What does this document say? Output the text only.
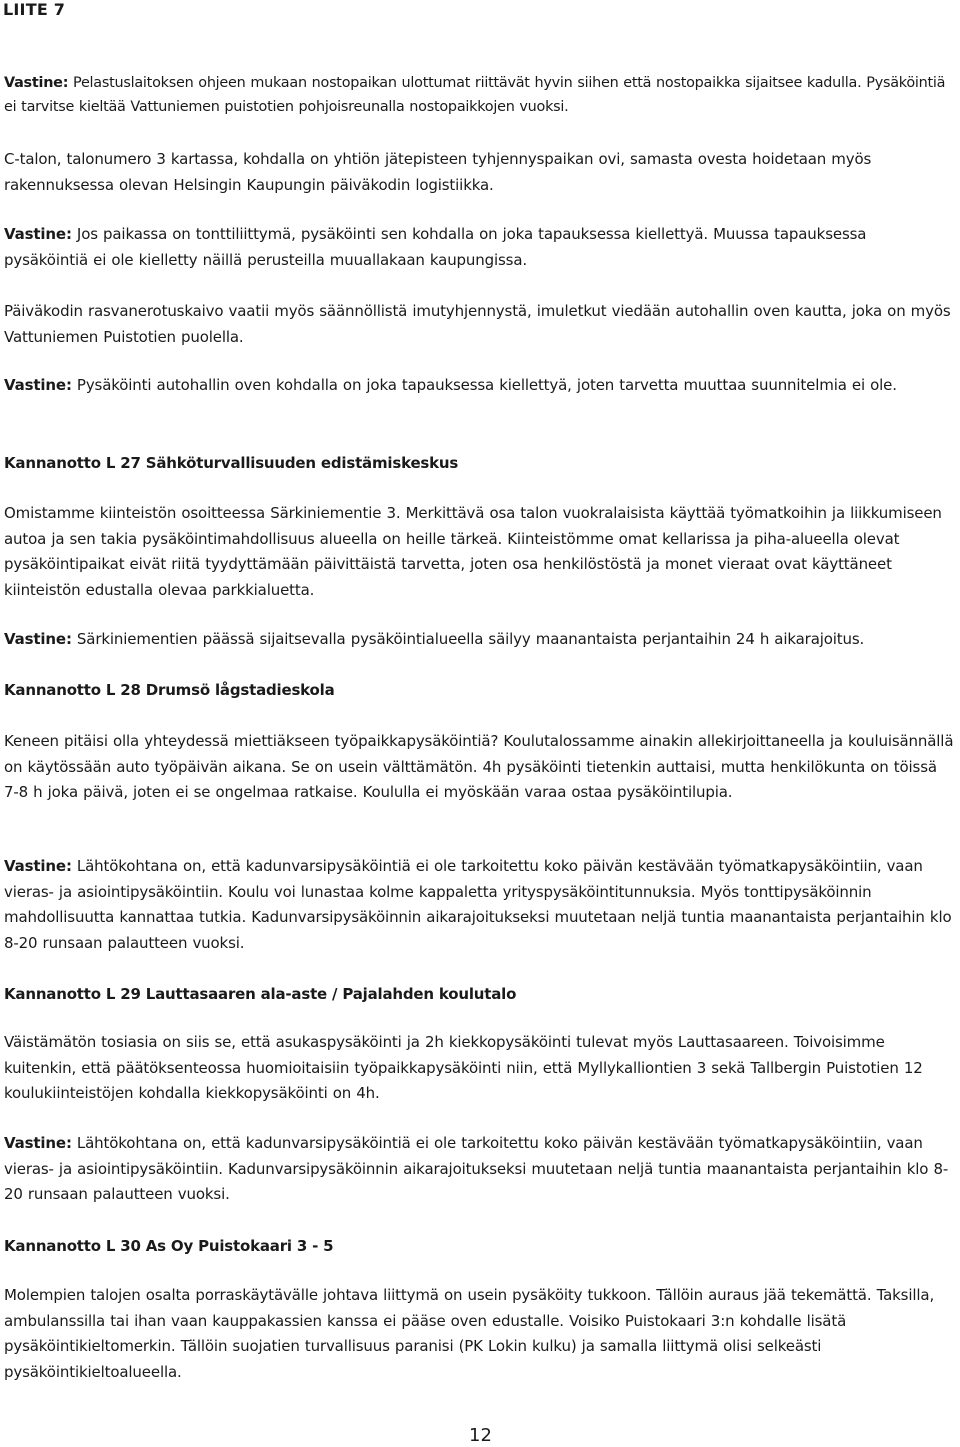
LIITE 7
Vastine: Pelastuslaitoksen ohjeen mukaan nostopaikan ulottumat riittävät hyvin siihen että nostopaikka sijaitsee kadulla. Pysäköintiä ei tarvitse kieltää Vattuniemen puistotien pohjoisreunalla nostopaikkojen vuoksi.
C-talon, talonumero 3 kartassa, kohdalla on yhtiön jätepisteen tyhjennyspaikan ovi, samasta ovesta hoidetaan myös rakennuksessa olevan Helsingin Kaupungin päiväkodin logistiikka.
Vastine: Jos paikassa on tonttiliittymä, pysäköinti sen kohdalla on joka tapauksessa kiellettyä. Muussa tapauksessa pysäköintiä ei ole kielletty näillä perusteilla muuallakaan kaupungissa.
Päiväkodin rasvanerotuskaivo vaatii myös säännöllistä imutyhjennystä, imuletkut viedään autohallin oven kautta, joka on myös Vattuniemen Puistotien puolella.
Vastine: Pysäköinti autohallin oven kohdalla on joka tapauksessa kiellettyä, joten tarvetta muuttaa suunnitelmia ei ole.
Kannanotto L 27 Sähköturvallisuuden edistämiskeskus
Omistamme kiinteistön osoitteessa Särkiniementie 3. Merkittävä osa talon vuokralaisista käyttää työmatkoihin ja liikkumiseen autoa ja sen takia pysäköintimahdollisuus alueella on heille tärkeä. Kiinteistömme omat kellarissa ja piha-alueella olevat pysäköintipaikat eivät riitä tyydyttämään päivittäistä tarvetta, joten osa henkilöstöstä ja monet vieraat ovat käyttäneet kiinteistön edustalla olevaa parkkialuetta.
Vastine: Särkiniementien päässä sijaitsevalla pysäköintialueella säilyy maanantaista perjantaihin 24 h aikarajoitus.
Kannanotto L 28 Drumsö lågstadieskola
Keneen pitäisi olla yhteydessä miettiäkseen työpaikkapysäköintiä? Koulutalossamme ainakin allekirjoittaneella ja kouluisännällä on käytössään auto työpäivän aikana. Se on usein välttämätön. 4h pysäköinti tietenkin auttaisi, mutta henkilökunta on töissä 7-8 h joka päivä, joten ei se ongelmaa ratkaise. Koululla ei myöskään varaa ostaa pysäköintilupia.
Vastine: Lähtökohtana on, että kadunvarsipysäköintiä ei ole tarkoitettu koko päivän kestävään työmatkapysäköintiin, vaan vieras- ja asiointipysäköintiin. Koulu voi lunastaa kolme kappaletta yrityspysäköintitunnuksia. Myös tonttipysäköinnin mahdollisuutta kannattaa tutkia. Kadunvarsipysäköinnin aikarajoitukseksi muutetaan neljä tuntia maanantaista perjantaihin klo 8-20 runsaan palautteen vuoksi.
Kannanotto L 29 Lauttasaaren ala-aste / Pajalahden koulutalo
Väistämätön tosiasia on siis se, että asukaspysäköinti ja 2h kiekkopysäköinti tulevat myös Lauttasaareen. Toivoisimme kuitenkin, että päätöksenteossa huomioitaisiin työpaikkapysäköinti niin, että Myllykalliontien 3 sekä Tallbergin Puistotien 12 koulukiinteistöjen kohdalla kiekkopysäköinti on 4h.
Vastine: Lähtökohtana on, että kadunvarsipysäköintiä ei ole tarkoitettu koko päivän kestävään työmatkapysäköintiin, vaan vieras- ja asiointipysäköintiin. Kadunvarsipysäköinnin aikarajoitukseksi muutetaan neljä tuntia maanantaista perjantaihin klo 8-20 runsaan palautteen vuoksi.
Kannanotto L 30 As Oy Puistokaari 3 - 5
Molempien talojen osalta porraskäytävälle johtava liittymä on usein pysäköity tukkoon. Tällöin auraus jää tekemättä. Taksilla, ambulanssilla tai ihan vaan kauppakassien kanssa ei pääse oven edustalle. Voisiko Puistokaari 3:n kohdalle lisätä pysäköintikieltomerkin. Tällöin suojatien turvallisuus paranisi (PK Lokin kulku) ja samalla liittymä olisi selkeästi pysäköintikieltoalueella.
12
